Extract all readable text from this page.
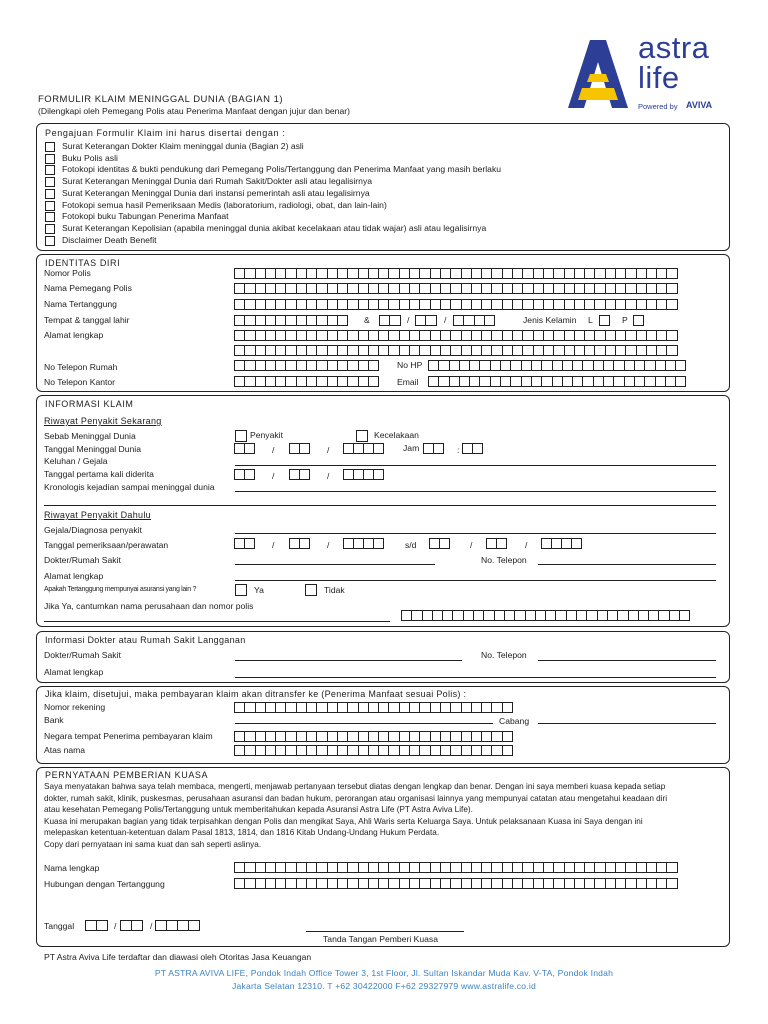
astra
life
Powered by AVIVA
FORMULIR KLAIM MENINGGAL DUNIA (BAGIAN 1)
(Dilengkapi oleh Pemegang Polis atau Penerima Manfaat dengan jujur dan benar)
Pengajuan Formulir Klaim ini harus disertai dengan :
Surat Keterangan Dokter Klaim meninggal dunia (Bagian 2) asli
Buku Polis asli
Fotokopi identitas & bukti pendukung dari Pemegang Polis/Tertanggung dan Penerima Manfaat yang masih berlaku
Surat Keterangan Meninggal Dunia dari Rumah Sakit/Dokter asli atau legalisirnya
Surat Keterangan Meninggal Dunia dari instansi pemerintah asli atau legalisirnya
Fotokopi semua hasil Pemeriksaan Medis (laboratorium, radiologi, obat, dan lain-lain)
Fotokopi buku Tabungan Penerima Manfaat
Surat Keterangan Kepolisian (apabila meninggal dunia akibat kecelakaan atau tidak wajar) asli atau legalisirnya
Disclaimer Death Benefit
IDENTITAS DIRI
Nomor Polis
Nama Pemegang Polis
Nama Tertanggung
Tempat & tanggal lahir	&	/	/	Jenis Kelamin L	P
Alamat lengkap
No Telepon Rumah	No HP
No Telepon Kantor	Email
INFORMASI KLAIM
Riwayat Penyakit Sekarang
Sebab Meninggal Dunia	Penyakit	Kecelakaan
Tanggal Meninggal Dunia	/	/	Jam	:
Keluhan / Gejala
Tanggal pertama kali diderita	/	/
Kronologis kejadian sampai meninggal dunia
Riwayat Penyakit Dahulu
Gejala/Diagnosa penyakit
Tanggal pemeriksaan/perawatan	/	/	s/d	/	/
Dokter/Rumah Sakit	No. Telepon
Alamat lengkap
Apakah Tertanggung mempunyai asuransi yang lain ?	Ya	Tidak
Jika Ya, cantumkan nama perusahaan dan nomor polis
Informasi Dokter atau Rumah Sakit Langganan
Dokter/Rumah Sakit	No. Telepon
Alamat lengkap
Jika klaim, disetujui, maka pembayaran klaim akan ditransfer ke (Penerima Manfaat sesuai Polis) :
Nomor rekening
Bank	Cabang
Negara tempat Penerima pembayaran klaim
Atas nama
PERNYATAAN PEMBERIAN KUASA
Saya menyatakan bahwa saya telah membaca, mengerti, menjawab pertanyaan tersebut diatas dengan lengkap dan benar. Dengan ini saya memberi kuasa kepada setiap
dokter, rumah sakit, klinik, puskesmas, perusahaan asuransi dan badan hukum, perorangan atau organisasi lainnya yang mempunyai catatan atau mengetahui keadaan diri
atau kesehatan Pemegang Polis/Tertanggung untuk memberitahukan kepada Asuransi Astra Life (PT Astra Aviva Life).
Kuasa ini merupakan bagian yang tidak terpisahkan dengan Polis dan mengikat Saya, Ahli Waris serta Keluarga Saya. Untuk pelaksanaan Kuasa ini Saya dengan ini
melepaskan ketentuan-ketentuan dalam Pasal 1813, 1814, dan 1816 Kitab Undang-Undang Hukum Perdata.
Copy dari pernyataan ini sama kuat dan sah seperti aslinya.
Nama lengkap
Hubungan dengan Tertanggung
Tanggal	/	/
Tanda Tangan Pemberi Kuasa
PT Astra Aviva Life terdaftar dan diawasi oleh Otoritas Jasa Keuangan
PT ASTRA AVIVA LIFE, Pondok Indah Office Tower 3, 1st Floor, Jl. Sultan Iskandar Muda Kav. V-TA, Pondok Indah
Jakarta Selatan 12310. T +62 30422000 F+62 29327979 www.astralife.co.id
